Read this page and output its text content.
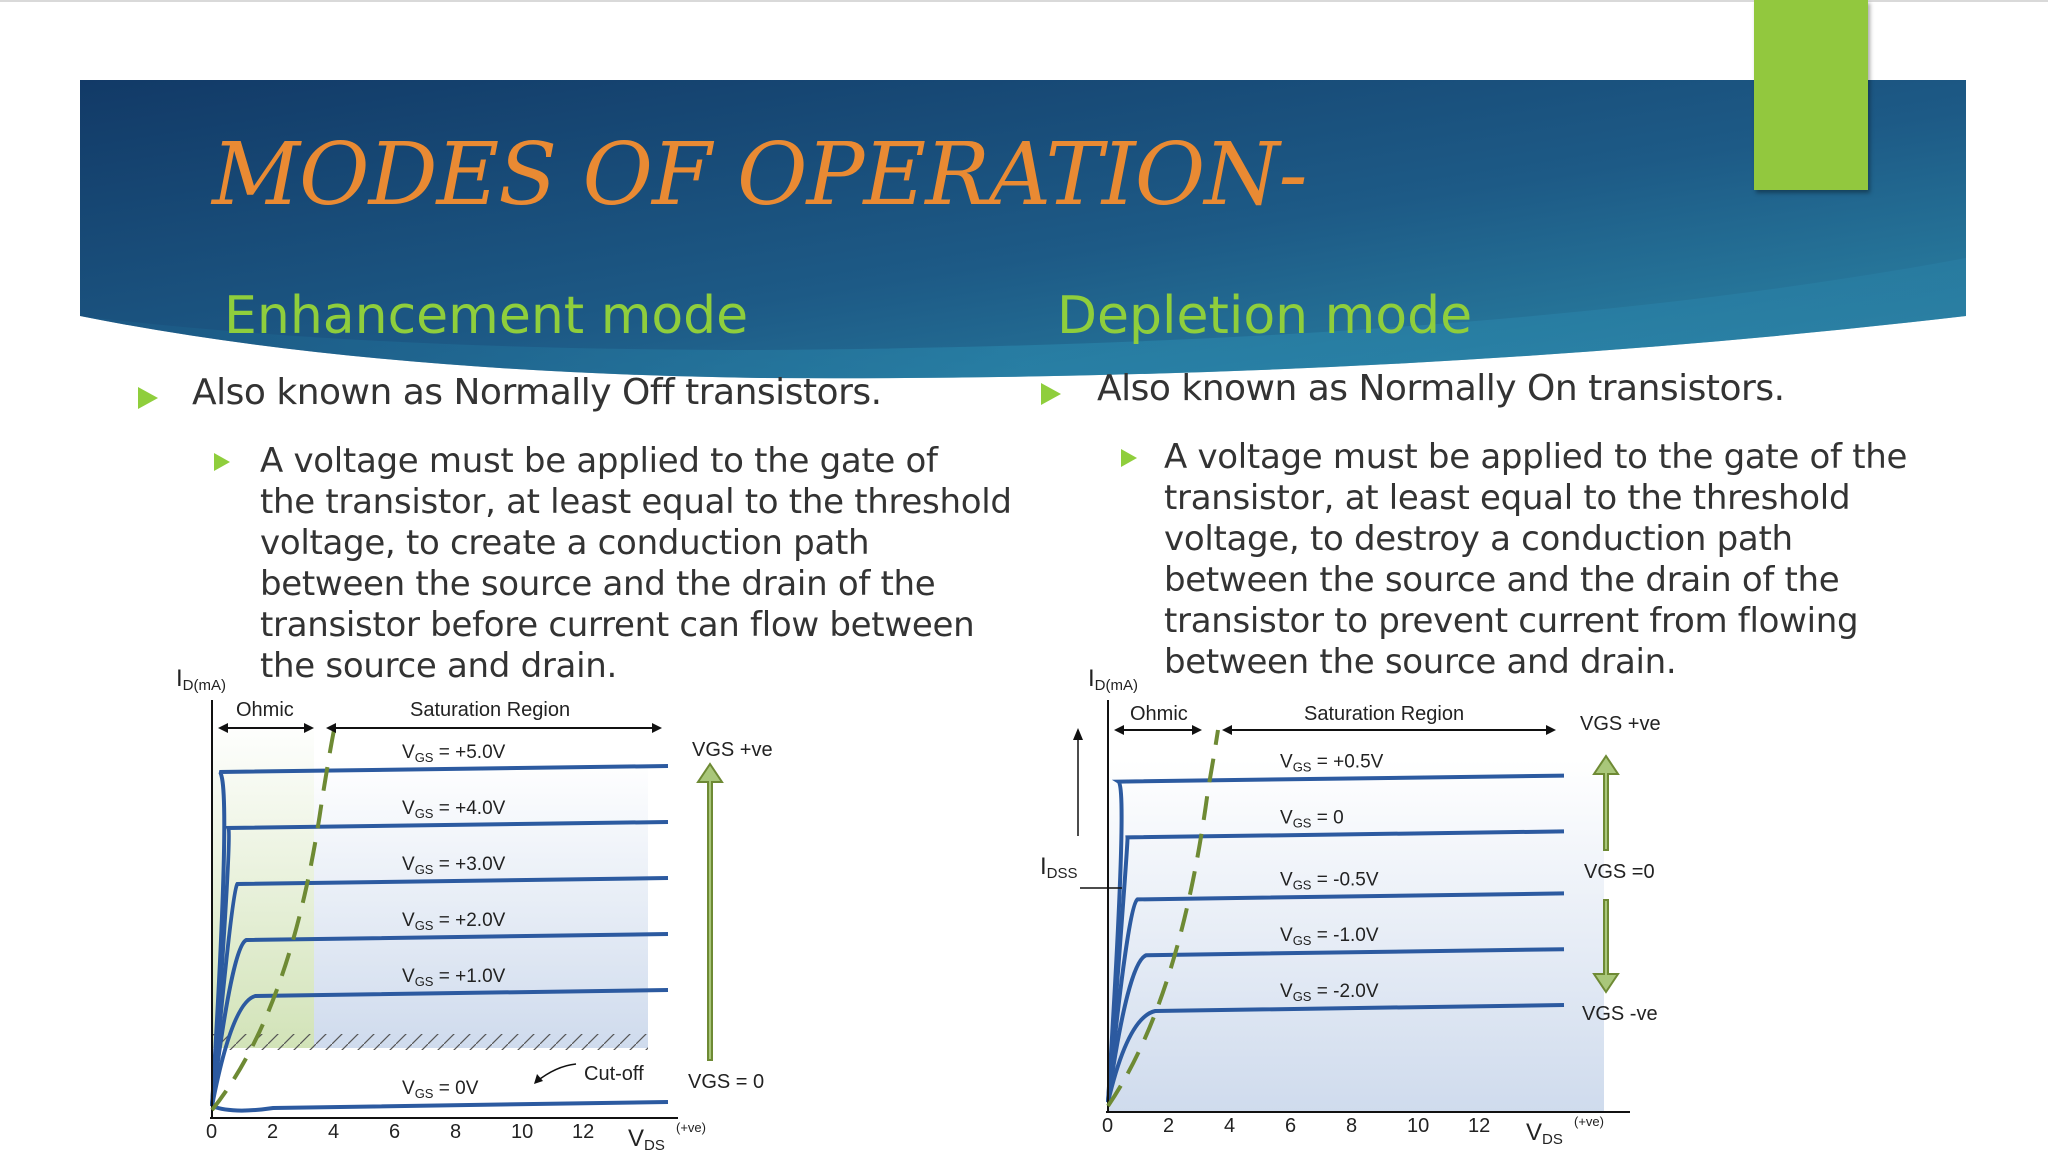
MODES OF OPERATION-
Enhancement mode
Also known as Normally Off transistors.
A voltage must be applied to the gate of
the transistor, at least equal to the threshold
voltage, to create a conduction path
between the source and the drain of the
transistor before current can flow between
the source and drain.
Depletion mode
Also known as Normally On transistors.
A voltage must be applied to the gate of the
transistor, at least equal to the threshold
voltage, to destroy a conduction path
between the source and the drain of the
transistor to prevent current from flowing
between the source and drain.
$V_{GS} = +5.0V$
$V_{GS} = +4.0V$
$V_{GS} = +3.0V$
$V_{GS} = +2.0V$
$V_{GS} = +1.0V$
$V_{GS} = 0V$
Ohmic	Saturation Region
ID(mA)
VDS
(+ve)
0 2 4 6 8 10 12
VGS +ve
VGS = 0
Cut-off
$V_{GS} = +0.5V$
$V_{GS} = 0$
$V_{GS} = -0.5V$
$V_{GS} = -1.0V$
$V_{GS} = -2.0V$
IDSS
Ohmic	Saturation Region
ID(mA)
VDS
(+ve)
0 2 4 6 8 10 12
VGS +ve
VGS =0
VGS -ve
